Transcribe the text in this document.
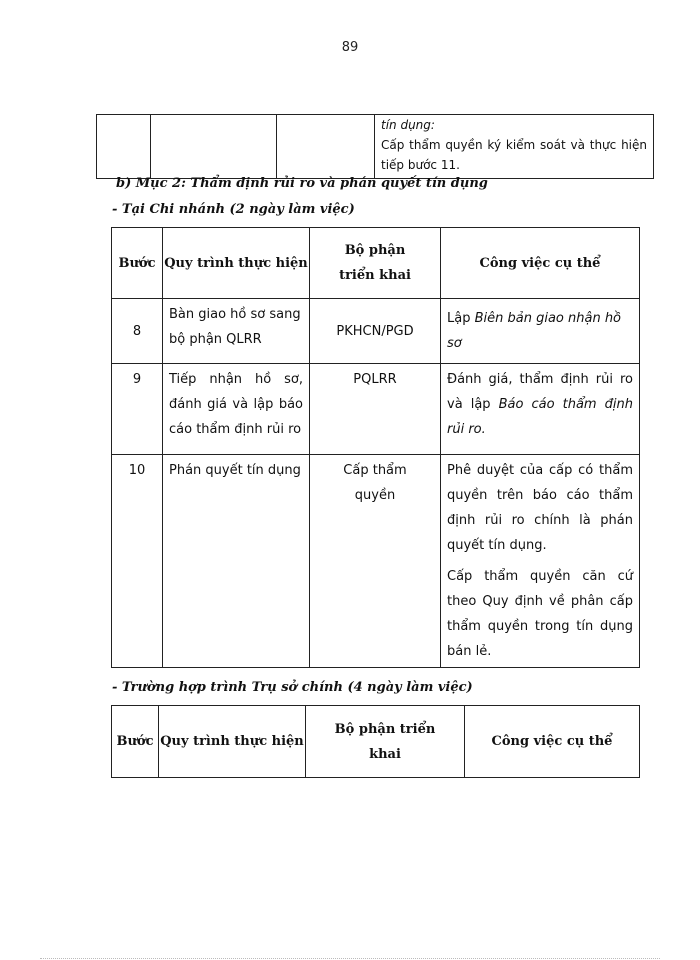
89
			tín dụng:
Cấp thẩm quyền ký kiểm soát và thực hiện tiếp bước 11.
b) Mục 2: Thẩm định rủi ro và phán quyết tín dụng
- Tại Chi nhánh (2 ngày làm việc)
Bước	Quy trình thực hiện	Bộ phận triển khai	Công việc cụ thể
8	Bàn giao hồ sơ sang bộ phận QLRR	PKHCN/PGD	Lập Biên bản giao nhận hồ sơ
9	Tiếp nhận hồ sơ, đánh giá và lập báo cáo thẩm định rủi ro	PQLRR	Đánh giá, thẩm định rủi ro và lập Báo cáo thẩm định rủi ro.
10	Phán quyết tín dụng	Cấp thẩm quyền	Phê duyệt của cấp có thẩm quyền trên báo cáo thẩm định rủi ro chính là phán quyết tín dụng.

Cấp thẩm quyền căn cứ theo Quy định về phân cấp thẩm quyền trong tín dụng bán lẻ.

- Trường hợp trình Trụ sở chính (4 ngày làm việc)
Bước	Quy trình thực hiện	Bộ phận triển khai	Công việc cụ thể
